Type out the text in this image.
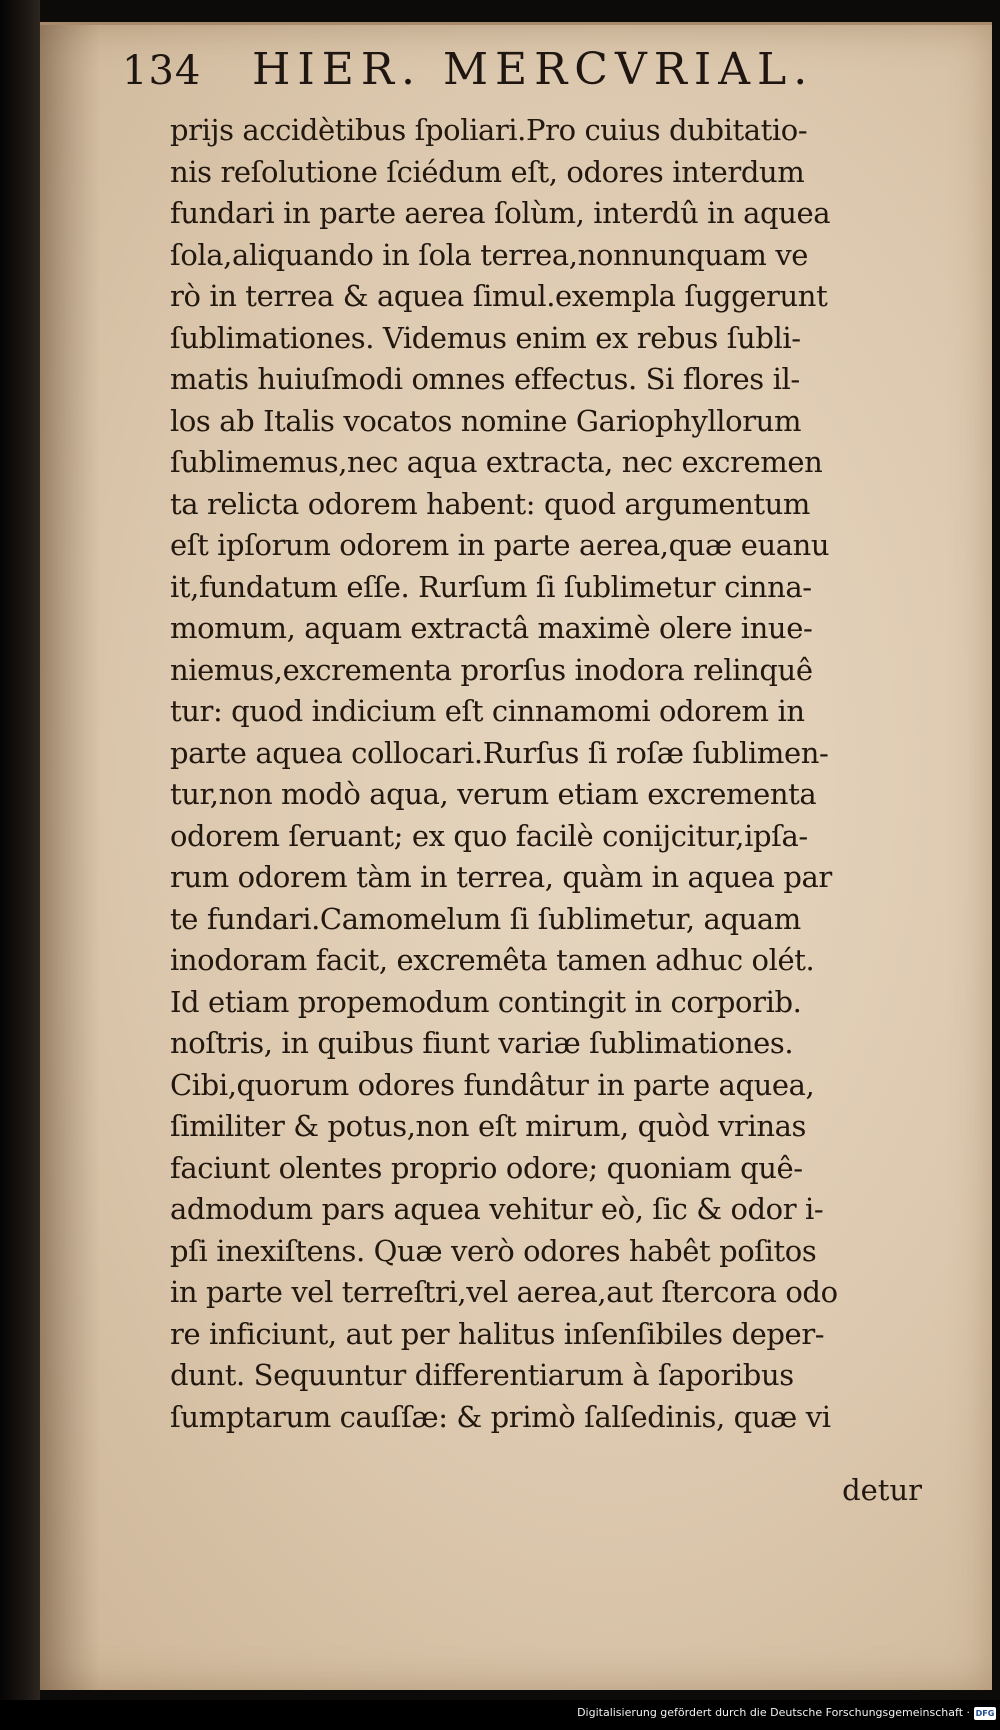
134 HIER. MERCVRIAL.
prijs accidètibus ſpoliari.Pro cuius dubitatio-
nis reſolutione ſciédum eſt, odores interdum
fundari in parte aerea ſolùm, interdû in aquea
ſola,aliquando in ſola terrea,nonnunquam ve
rò in terrea & aquea ſimul.exempla ſuggerunt
ſublimationes. Videmus enim ex rebus ſubli-
matis huiuſmodi omnes effectus. Si flores il-
los ab Italis vocatos nomine Gariophyllorum
ſublimemus,nec aqua extracta, nec excremen
ta relicta odorem habent: quod argumentum
eſt ipſorum odorem in parte aerea,quæ euanu
it,fundatum eſſe. Rurſum ſi ſublimetur cinna-
momum, aquam extractâ maximè olere inue-
niemus,excrementa prorſus inodora relinquê
tur: quod indicium eſt cinnamomi odorem in
parte aquea collocari.Rurſus ſi roſæ ſublimen-
tur,non modò aqua, verum etiam excrementa
odorem ſeruant; ex quo facilè conijcitur,ipſa-
rum odorem tàm in terrea, quàm in aquea par
te fundari.Camomelum ſi ſublimetur, aquam
inodoram facit, excremêta tamen adhuc olét.
Id etiam propemodum contingit in corporib.
noſtris, in quibus fiunt variæ ſublimationes.
Cibi,quorum odores fundâtur in parte aquea,
ſimiliter & potus,non eſt mirum, quòd vrinas
faciunt olentes proprio odore; quoniam quê-
admodum pars aquea vehitur eò, ſic & odor i-
pſi inexiſtens. Quæ verò odores habêt poſitos
in parte vel terreſtri,vel aerea,aut ſtercora odo
re inficiunt, aut per halitus inſenſibiles deper-
dunt. Sequuntur differentiarum à ſaporibus
ſumptarum cauſſæ: & primò ſalſedinis, quæ vi
detur
Digitalisierung gefördert durch die Deutsche Forschungsgemeinschaft · DFG
